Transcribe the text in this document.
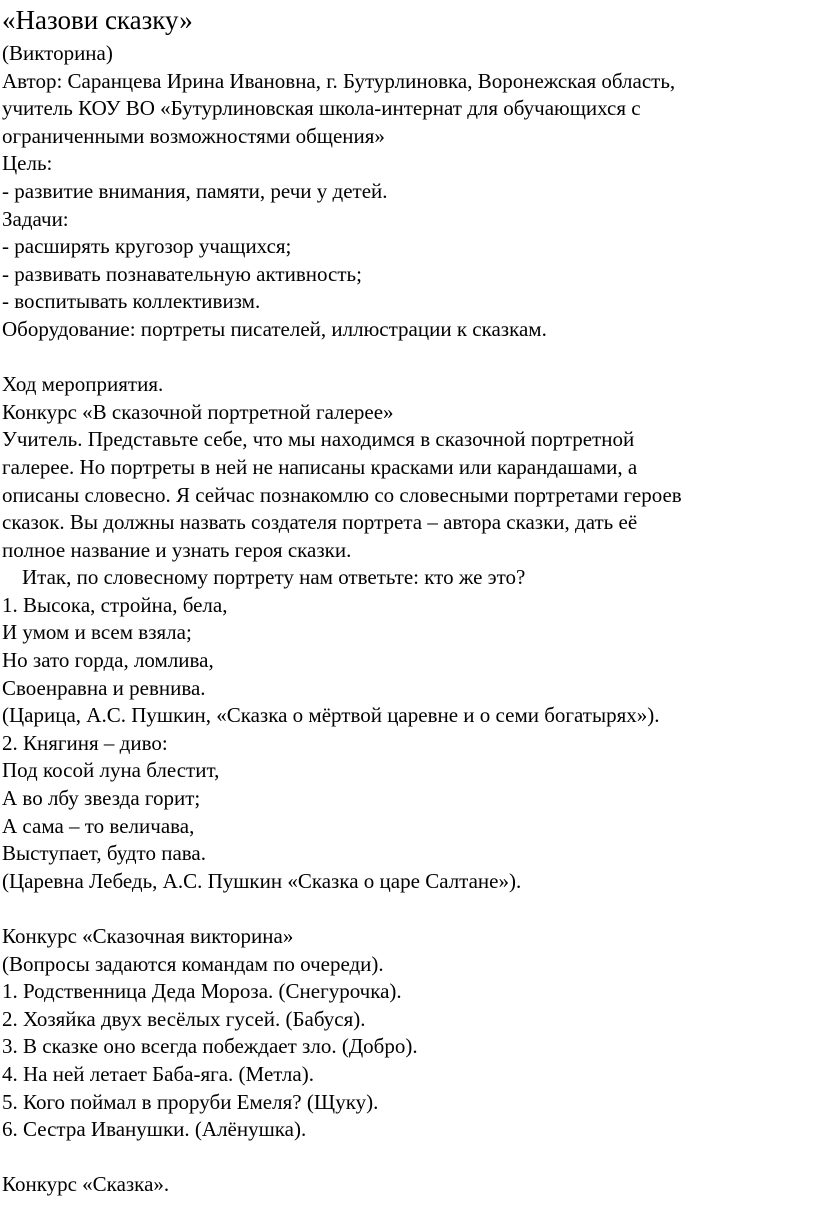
«Назови сказку»
(Викторина)
Автор: Саранцева Ирина Ивановна, г. Бутурлиновка, Воронежская область,
учитель КОУ ВО «Бутурлиновская школа-интернат для обучающихся с
ограниченными возможностями общения»
Цель:
- развитие внимания, памяти, речи у детей.
Задачи:
- расширять кругозор учащихся;
- развивать познавательную активность;
- воспитывать коллективизм.
Оборудование: портреты писателей, иллюстрации к сказкам.
Ход мероприятия.
Конкурс «В сказочной портретной галерее»
Учитель. Представьте себе, что мы находимся в сказочной портретной
галерее. Но портреты в ней не написаны красками или карандашами, а
описаны словесно. Я сейчас познакомлю со словесными портретами героев
сказок. Вы должны назвать создателя портрета – автора сказки, дать её
полное название и узнать героя сказки.
Итак, по словесному портрету нам ответьте: кто же это?
1. Высока, стройна, бела,
И умом и всем взяла;
Но зато горда, ломлива,
Своенравна и ревнива.
(Царица, А.С. Пушкин, «Сказка о мёртвой царевне и о семи богатырях»).
2. Княгиня – диво:
Под косой луна блестит,
А во лбу звезда горит;
А сама – то величава,
Выступает, будто пава.
(Царевна Лебедь, А.С. Пушкин «Сказка о царе Салтане»).
Конкурс «Сказочная викторина»
(Вопросы задаются командам по очереди).
1. Родственница Деда Мороза. (Снегурочка).
2. Хозяйка двух весёлых гусей. (Бабуся).
3. В сказке оно всегда побеждает зло. (Добро).
4. На ней летает Баба-яга. (Метла).
5. Кого поймал в проруби Емеля? (Щуку).
6. Сестра Иванушки. (Алёнушка).
Конкурс «Сказка».
